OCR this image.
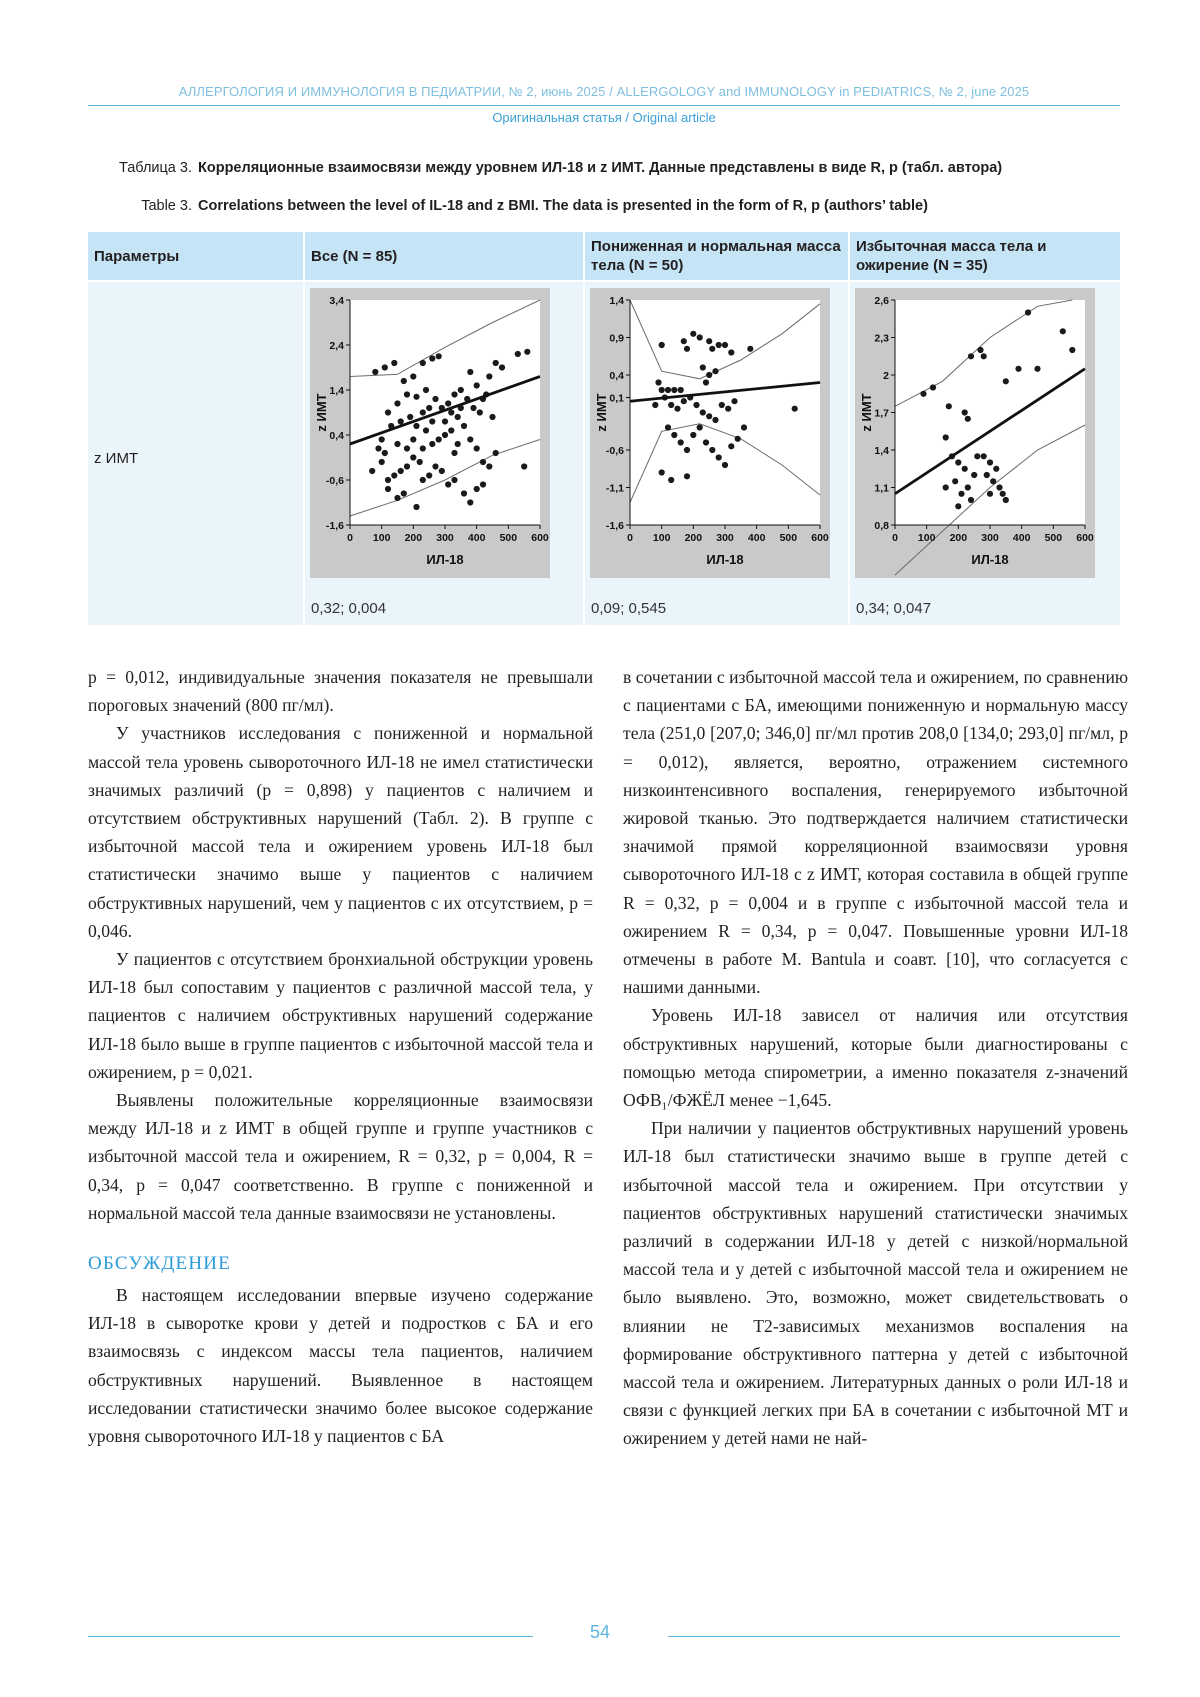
АЛЛЕРГОЛОГИЯ И ИММУНОЛОГИЯ В ПЕДИАТРИИ, № 2, июнь 2025 / ALLERGOLOGY and IMMUNOLOGY in PEDIATRICS, № 2, june 2025
Оригинальная статья / Original article
Таблица 3. Корреляционные взаимосвязи между уровнем ИЛ-18 и z ИМТ. Данные представлены в виде R, p (табл. автора)
Table 3. Correlations between the level of IL-18 and z BMI. The data is presented in the form of R, p (authors’ table)
Параметры	Все (N = 85)
Пониженная и нормальная масса тела (N = 50)
Избыточная масса тела и ожирение (N = 35)
z ИМТ
3,4
2,4
1,4
0,4
-0,6
-1,6
0 100 200 300 400 500 600
ИЛ-18
z ИМТ
0,32; 0,004
1,4
0,9
0,4
0,1
-0,6
-1,1
-1,6
0 100 200 300 400 500 600
ИЛ-18
z ИМТ
0,09; 0,545
2,6
2,3
2
1,7
1,4
1,1
0,8
0 100 200 300 400 500 600
ИЛ-18
z ИМТ
0,34; 0,047

p = 0,012, индивидуальные значения показателя не превышали пороговых значений (800 пг/мл).

У участников исследования с пониженной и нормальной массой тела уровень сывороточного ИЛ-18 не имел статистически значимых различий (p = 0,898) у пациентов с наличием и отсутствием обструктивных нарушений (Табл. 2). В группе с избыточной массой тела и ожирением уровень ИЛ-18 был статистически значимо выше у пациентов с наличием обструктивных нарушений, чем у пациентов с их отсутствием, p = 0,046.

У пациентов с отсутствием бронхиальной обструкции уровень ИЛ-18 был сопоставим у пациентов с различной массой тела, у пациентов с наличием обструктивных нарушений содержание ИЛ-18 было выше в группе пациентов с избыточной массой тела и ожирением, p = 0,021.

Выявлены положительные корреляционные взаимосвязи между ИЛ-18 и z ИМТ в общей группе и группе участников с избыточной массой тела и ожирением, R = 0,32, p = 0,004, R = 0,34, p = 0,047 соответственно. В группе с пониженной и нормальной массой тела данные взаимосвязи не установлены.

ОБСУЖДЕНИЕ

В настоящем исследовании впервые изучено содержание ИЛ-18 в сыворотке крови у детей и подростков с БА и его взаимосвязь с индексом массы тела пациентов, наличием обструктивных нарушений. Выявленное в настоящем исследовании статистически значимо более высокое содержание уровня сывороточного ИЛ-18 у пациентов с БА

в сочетании с избыточной массой тела и ожирением, по сравнению с пациентами с БА, имеющими пониженную и нормальную массу тела (251,0 [207,0; 346,0] пг/мл против 208,0 [134,0; 293,0] пг/мл, p = 0,012), является, вероятно, отражением системного низкоинтенсивного воспаления, генерируемого избыточной жировой тканью. Это подтверждается наличием статистически значимой прямой корреляционной взаимосвязи уровня сывороточного ИЛ-18 с z ИМТ, которая составила в общей группе R = 0,32, p = 0,004 и в группе с избыточной массой тела и ожирением R = 0,34, p = 0,047. Повышенные уровни ИЛ-18 отмечены в работе M. Bantula и соавт. [10], что согласуется с нашими данными.

Уровень ИЛ-18 зависел от наличия или отсутствия обструктивных нарушений, которые были диагностированы с помощью метода спирометрии, а именно показателя z-значений ОФВ₁/ФЖЁЛ менее −1,645.

При наличии у пациентов обструктивных нарушений уровень ИЛ-18 был статистически значимо выше в группе детей с избыточной массой тела и ожирением. При отсутствии у пациентов обструктивных нарушений статистически значимых различий в содержании ИЛ-18 у детей с низкой/нормальной массой тела и у детей с избыточной массой тела и ожирением не было выявлено. Это, возможно, может свидетельствовать о влиянии не Т2-зависимых механизмов воспаления на формирование обструктивного паттерна у детей с избыточной массой тела и ожирением. Литературных данных о роли ИЛ-18 и связи с функцией легких при БА в сочетании с избыточной МТ и ожирением у детей нами не най-

54
